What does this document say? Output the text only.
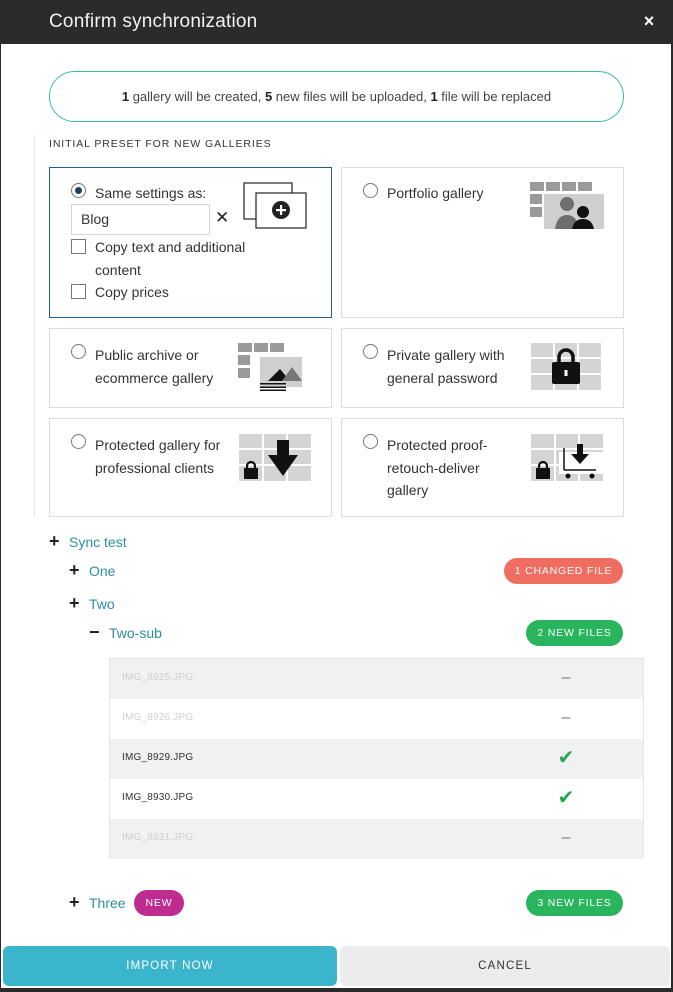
Confirm synchronization	×
1 gallery will be created, 5 new files will be uploaded, 1 file will be replaced
INITIAL PRESET FOR NEW GALLERIES
Same settings as:
Blog	✕
Copy text and additional content
Copy prices
Portfolio gallery
Public archive or ecommerce gallery
Private gallery with general password
Protected gallery for professional clients
Protected proof-retouch-deliver gallery
+ Sync test
+ One	1 CHANGED FILE
+ Two
− Two-sub	2 NEW FILES
IMG_8925.JPG	–
IMG_8926.JPG	–
IMG_8929.JPG	✔
IMG_8930.JPG	✔
IMG_8931.JPG	–
+ Three	NEW	3 NEW FILES
IMPORT NOW	CANCEL
